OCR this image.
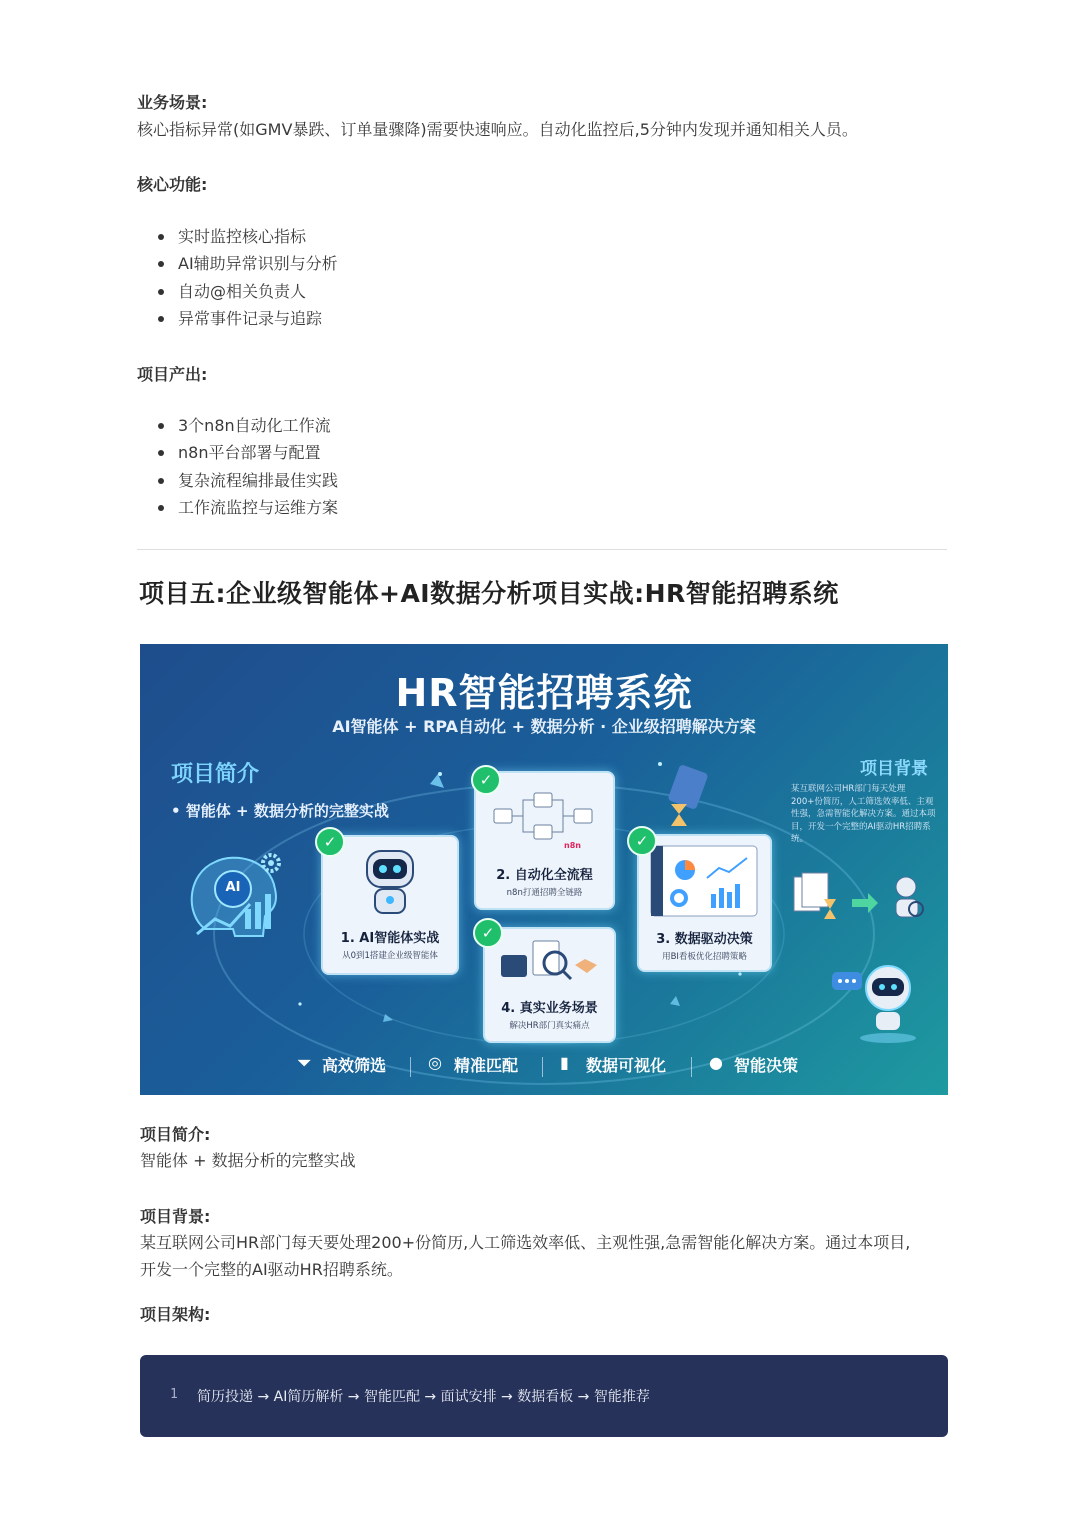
业务场景:
核心指标异常(如GMV暴跌、订单量骤降)需要快速响应。自动化监控后,5分钟内发现并通知相关人员。
核心功能:
实时监控核心指标
AI辅助异常识别与分析
自动@相关负责人
异常事件记录与追踪
项目产出:
3个n8n自动化工作流
n8n平台部署与配置
复杂流程编排最佳实践
工作流监控与运维方案
项目五:企业级智能体+AI数据分析项目实战:HR智能招聘系统
HR智能招聘系统
AI智能体 + RPA自动化 + 数据分析 · 企业级招聘解决方案
项目简介
• 智能体 + 数据分析的完整实战
项目背景
某互联网公司HR部门每天处理200+份简历，人工筛选效率低、主观性强，急需智能化解决方案。通过本项目，开发一个完整的AI驱动HR招聘系统。
AI
1. AI智能体实战
从0到1搭建企业级智能体
✓	n8n
2. 自动化全流程
n8n打通招聘全链路
✓
3. 数据驱动决策
用BI看板优化招聘策略
✓
4. 真实业务场景
解决HR部门真实痛点
✓
⏷ 高效筛选	◎ 精准匹配	▮ 数据可视化	● 智能决策
项目简介:
智能体 + 数据分析的完整实战
项目背景:
某互联网公司HR部门每天要处理200+份简历,人工筛选效率低、主观性强,急需智能化解决方案。通过本项目,
开发一个完整的AI驱动HR招聘系统。
项目架构:
1 简历投递 → AI简历解析 → 智能匹配 → 面试安排 → 数据看板 → 智能推荐
